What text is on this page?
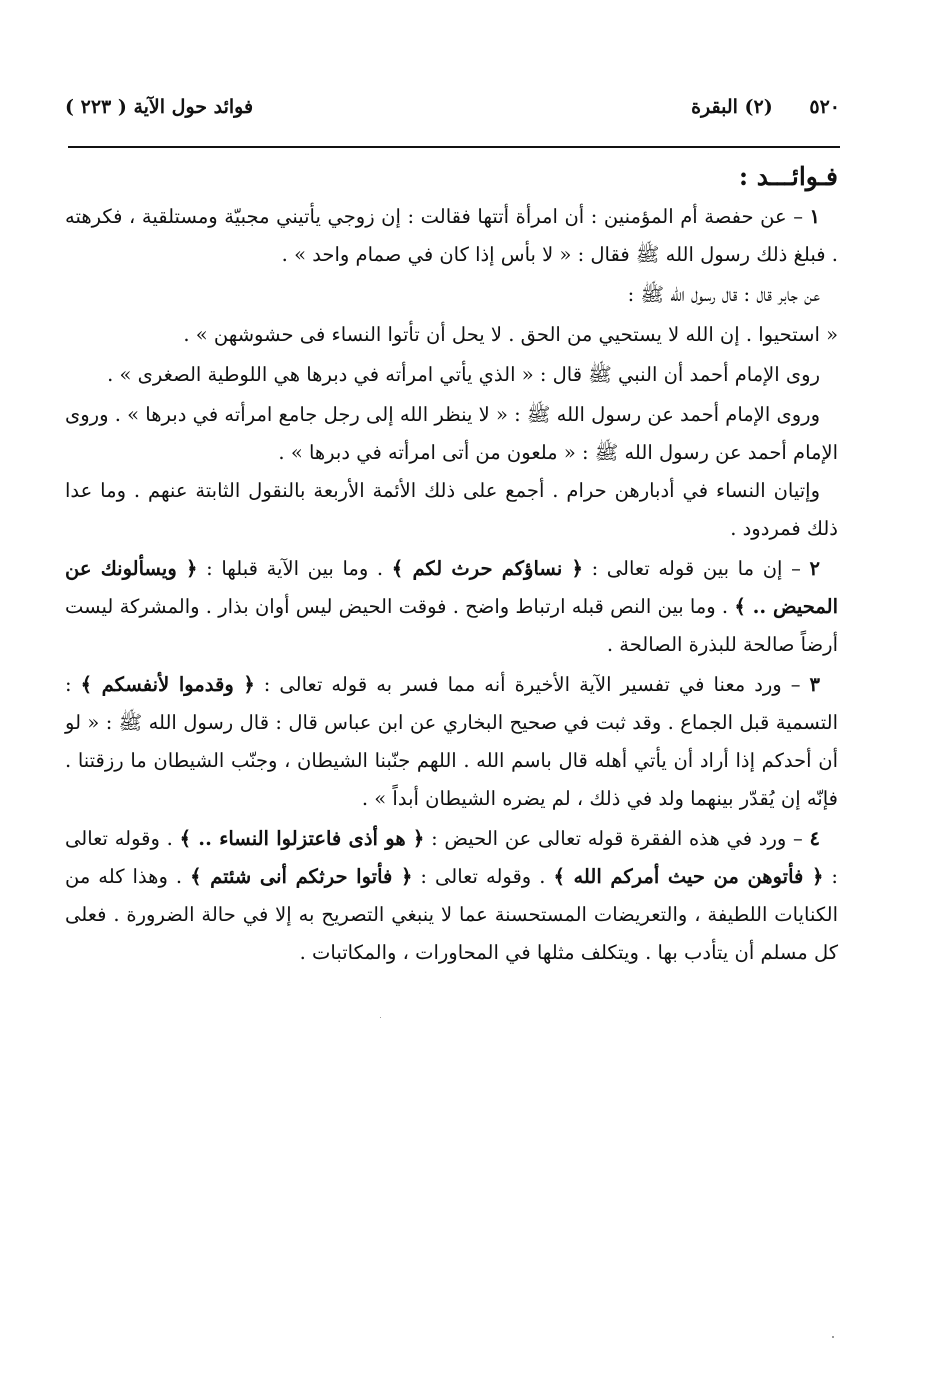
٥٢٠ (٢) البقرة
فوائد حول الآية ( ٢٢٣ )
فـوائـــد :

١ – عن حفصة أم المؤمنين : أن امرأة أتتها فقالت : إن زوجي يأتيني مجبيّة ومستلقية ، فكرهته . فبلغ ذلك رسول الله ﷺ فقال : « لا بأس إذا كان في صمام واحد » .

عن جابر قال : قال رسول الله ﷺ :

« استحيوا . إن الله لا يستحيي من الحق . لا يحل أن تأتوا النساء فى حشوشهن » .

روى الإمام أحمد أن النبي ﷺ قال : « الذي يأتي امرأته في دبرها هي اللوطية الصغرى » .

وروى الإمام أحمد عن رسول الله ﷺ : « لا ينظر الله إلى رجل جامع امرأته في دبرها » . وروى الإمام أحمد عن رسول الله ﷺ : « ملعون من أتى امرأته في دبرها » .

وإتيان النساء في أدبارهن حرام . أجمع على ذلك الأئمة الأربعة بالنقول الثابتة عنهم . وما عدا ذلك فمردود .

٢ – إن ما بين قوله تعالى : ﴿ نساؤكم حرث لكم ﴾ . وما بين الآية قبلها : ﴿ ويسألونك عن المحيض .. ﴾ . وما بين النص قبله ارتباط واضح . فوقت الحيض ليس أوان بذار . والمشركة ليست أرضاً صالحة للبذرة الصالحة .

٣ – ورد معنا في تفسير الآية الأخيرة أنه مما فسر به قوله تعالى : ﴿ وقدموا لأنفسكم ﴾ : التسمية قبل الجماع . وقد ثبت في صحيح البخاري عن ابن عباس قال : قال رسول الله ﷺ : « لو أن أحدكم إذا أراد أن يأتي أهله قال باسم الله . اللهم جنّبنا الشيطان ، وجنّب الشيطان ما رزقتنا . فإنّه إن يُقدّر بينهما ولد في ذلك ، لم يضره الشيطان أبداً » .

٤ – ورد في هذه الفقرة قوله تعالى عن الحيض : ﴿ هو أذى فاعتزلوا النساء .. ﴾ . وقوله تعالى : ﴿ فأتوهن من حيث أمركم الله ﴾ . وقوله تعالى : ﴿ فأتوا حرثكم أنى شئتم ﴾ . وهذا كله من الكنايات اللطيفة ، والتعريضات المستحسنة عما لا ينبغي التصريح به إلا في حالة الضرورة . فعلى كل مسلم أن يتأدب بها . ويتكلف مثلها في المحاورات ، والمكاتبات .
